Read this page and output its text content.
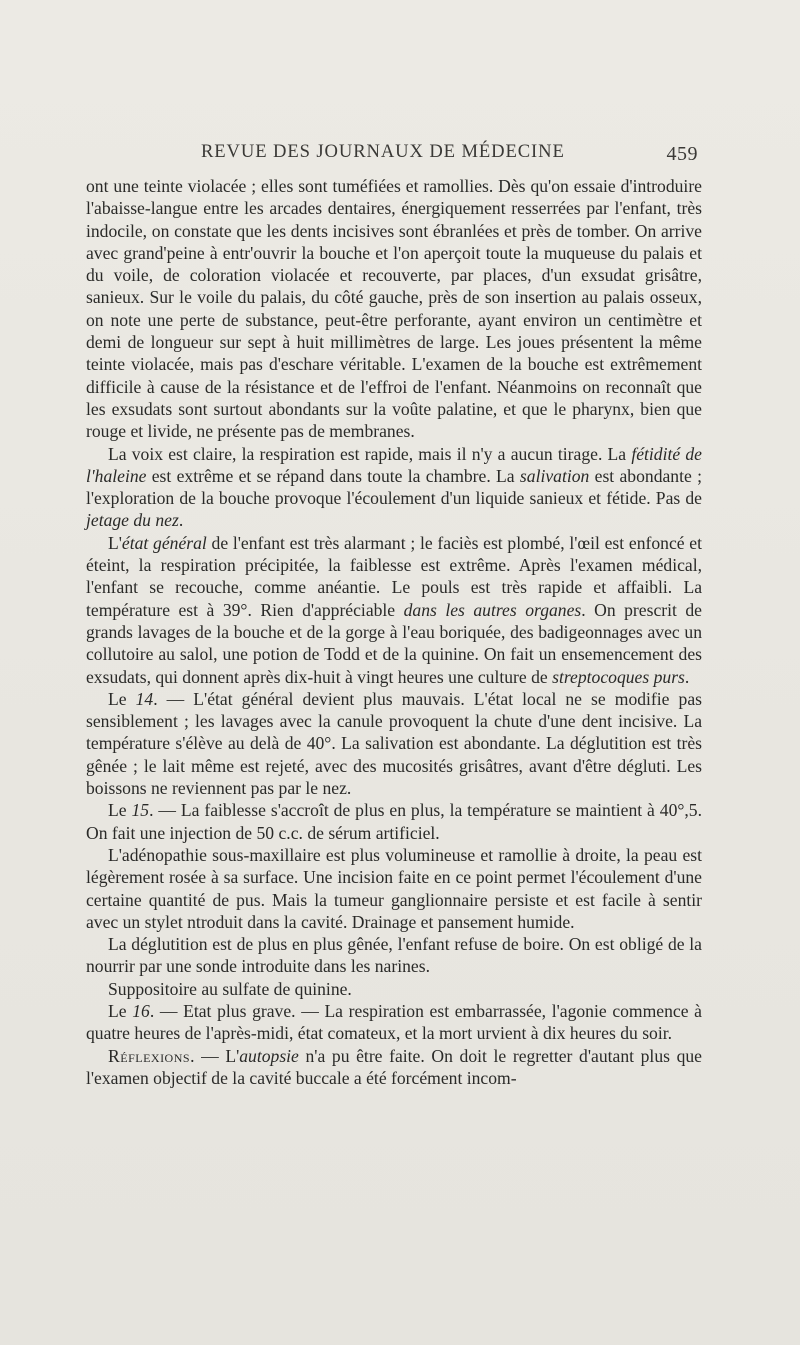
REVUE DES JOURNAUX DE MÉDECINE	459

ont une teinte violacée ; elles sont tuméfiées et ramollies. Dès qu'on essaie d'introduire l'abaisse-langue entre les arcades dentaires, énergiquement resserrées par l'enfant, très indocile, on constate que les dents incisives sont ébranlées et près de tomber. On arrive avec grand'peine à entr'ouvrir la bouche et l'on aperçoit toute la muqueuse du palais et du voile, de coloration violacée et recouverte, par places, d'un exsudat grisâtre, sanieux. Sur le voile du palais, du côté gauche, près de son insertion au palais osseux, on note une perte de substance, peut-être perforante, ayant environ un centimètre et demi de longueur sur sept à huit millimètres de large. Les joues présentent la même teinte violacée, mais pas d'eschare véritable. L'examen de la bouche est extrêmement difficile à cause de la résistance et de l'effroi de l'enfant. Néanmoins on reconnaît que les exsudats sont surtout abondants sur la voûte palatine, et que le pharynx, bien que rouge et livide, ne présente pas de membranes.

La voix est claire, la respiration est rapide, mais il n'y a aucun tirage. La fétidité de l'haleine est extrême et se répand dans toute la chambre. La salivation est abondante ; l'exploration de la bouche provoque l'écoulement d'un liquide sanieux et fétide. Pas de jetage du nez.

L'état général de l'enfant est très alarmant ; le faciès est plombé, l'œil est enfoncé et éteint, la respiration précipitée, la faiblesse est extrême. Après l'examen médical, l'enfant se recouche, comme anéantie. Le pouls est très rapide et affaibli. La température est à 39°. Rien d'appréciable dans les autres organes. On prescrit de grands lavages de la bouche et de la gorge à l'eau boriquée, des badigeonnages avec un collutoire au salol, une potion de Todd et de la quinine. On fait un ensemencement des exsudats, qui donnent après dix-huit à vingt heures une culture de streptocoques purs.

Le 14. — L'état général devient plus mauvais. L'état local ne se modifie pas sensiblement ; les lavages avec la canule provoquent la chute d'une dent incisive. La température s'élève au delà de 40°. La salivation est abondante. La déglutition est très gênée ; le lait même est rejeté, avec des mucosités grisâtres, avant d'être dégluti. Les boissons ne reviennent pas par le nez.

Le 15. — La faiblesse s'accroît de plus en plus, la température se maintient à 40°,5. On fait une injection de 50 c.c. de sérum artificiel.

L'adénopathie sous-maxillaire est plus volumineuse et ramollie à droite, la peau est légèrement rosée à sa surface. Une incision faite en ce point permet l'écoulement d'une certaine quantité de pus. Mais la tumeur ganglionnaire persiste et est facile à sentir avec un stylet ntroduit dans la cavité. Drainage et pansement humide.

La déglutition est de plus en plus gênée, l'enfant refuse de boire. On est obligé de la nourrir par une sonde introduite dans les narines.

Suppositoire au sulfate de quinine.

Le 16. — Etat plus grave. — La respiration est embarrassée, l'agonie commence à quatre heures de l'après-midi, état comateux, et la mort urvient à dix heures du soir.

Réflexions. — L'autopsie n'a pu être faite. On doit le regretter d'autant plus que l'examen objectif de la cavité buccale a été forcément incom-
